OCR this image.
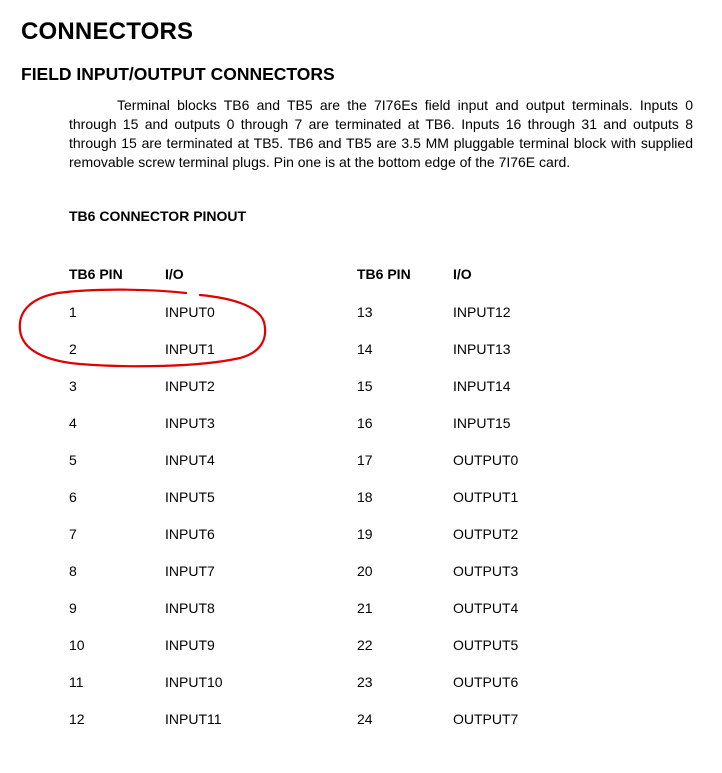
CONNECTORS
FIELD INPUT/OUTPUT CONNECTORS

Terminal blocks TB6 and TB5 are the 7I76Es field input and output terminals. Inputs 0 through 15 and outputs 0 through 7 are terminated at TB6. Inputs 16 through 31 and outputs 8 through 15 are terminated at TB5. TB6 and TB5 are 3.5 MM pluggable terminal block with supplied removable screw terminal plugs. Pin one is at the bottom edge of the 7I76E card.

TB6 CONNECTOR PINOUT
TB6 PIN	I/O	TB6 PIN	I/O
1	INPUT0	13	INPUT12
2	INPUT1	14	INPUT13
3	INPUT2	15	INPUT14
4	INPUT3	16	INPUT15
5	INPUT4	17	OUTPUT0
6	INPUT5	18	OUTPUT1
7	INPUT6	19	OUTPUT2
8	INPUT7	20	OUTPUT3
9	INPUT8	21	OUTPUT4
10	INPUT9	22	OUTPUT5
11	INPUT10	23	OUTPUT6
12	INPUT11	24	OUTPUT7
